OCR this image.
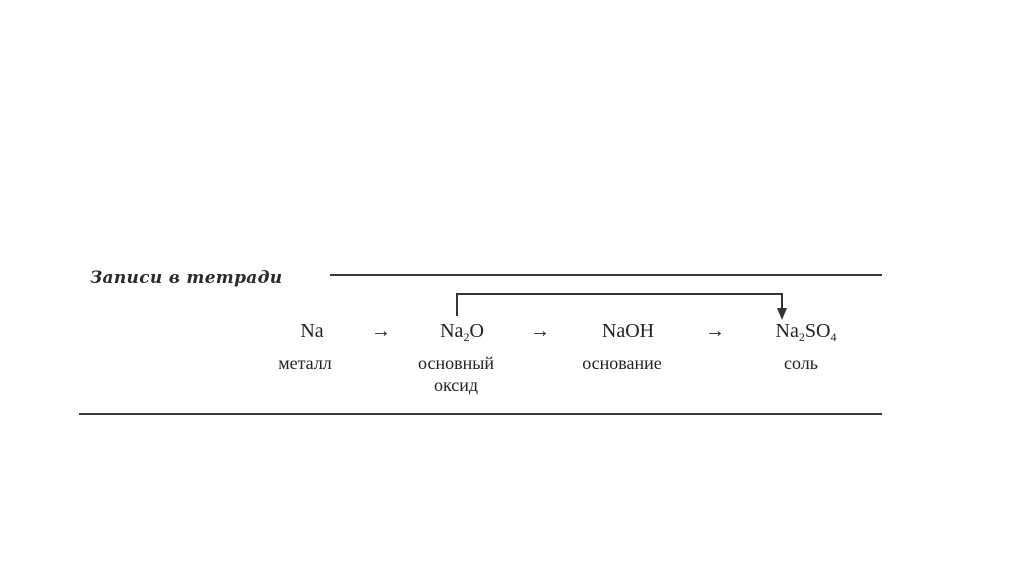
Записи в тетради
Na
металл
→ $Na_2O$
основный
оксид
→	NaOH
основание
→	$Na_2SO_4$
соль
